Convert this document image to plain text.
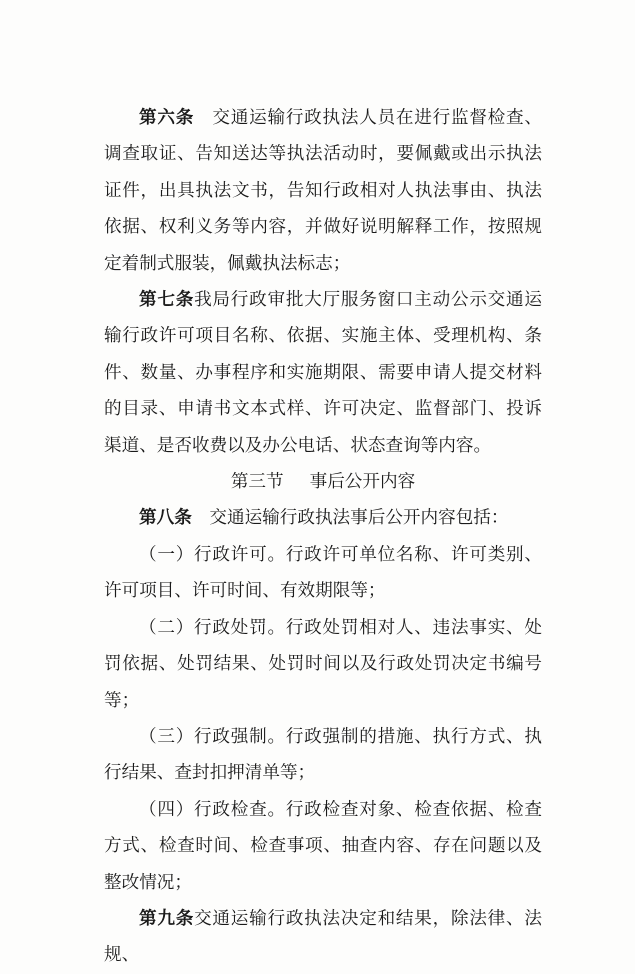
第六条　交通运输行政执法人员在进行监督检查、调查取证、告知送达等执法活动时，要佩戴或出示执法证件，出具执法文书，告知行政相对人执法事由、执法依据、权利义务等内容，并做好说明解释工作，按照规定着制式服装，佩戴执法标志；

第七条我局行政审批大厅服务窗口主动公示交通运输行政许可项目名称、依据、实施主体、受理机构、条件、数量、办事程序和实施期限、需要申请人提交材料的目录、申请书文本式样、许可决定、监督部门、投诉渠道、是否收费以及办公电话、状态查询等内容。

第三节 事后公开内容

第八条　交通运输行政执法事后公开内容包括：

（一）行政许可。行政许可单位名称、许可类别、许可项目、许可时间、有效期限等；

（二）行政处罚。行政处罚相对人、违法事实、处罚依据、处罚结果、处罚时间以及行政处罚决定书编号等；

（三）行政强制。行政强制的措施、执行方式、执行结果、查封扣押清单等；

（四）行政检查。行政检查对象、检查依据、检查方式、检查时间、检查事项、抽查内容、存在问题以及整改情况；

第九条交通运输行政执法决定和结果，除法律、法规、
